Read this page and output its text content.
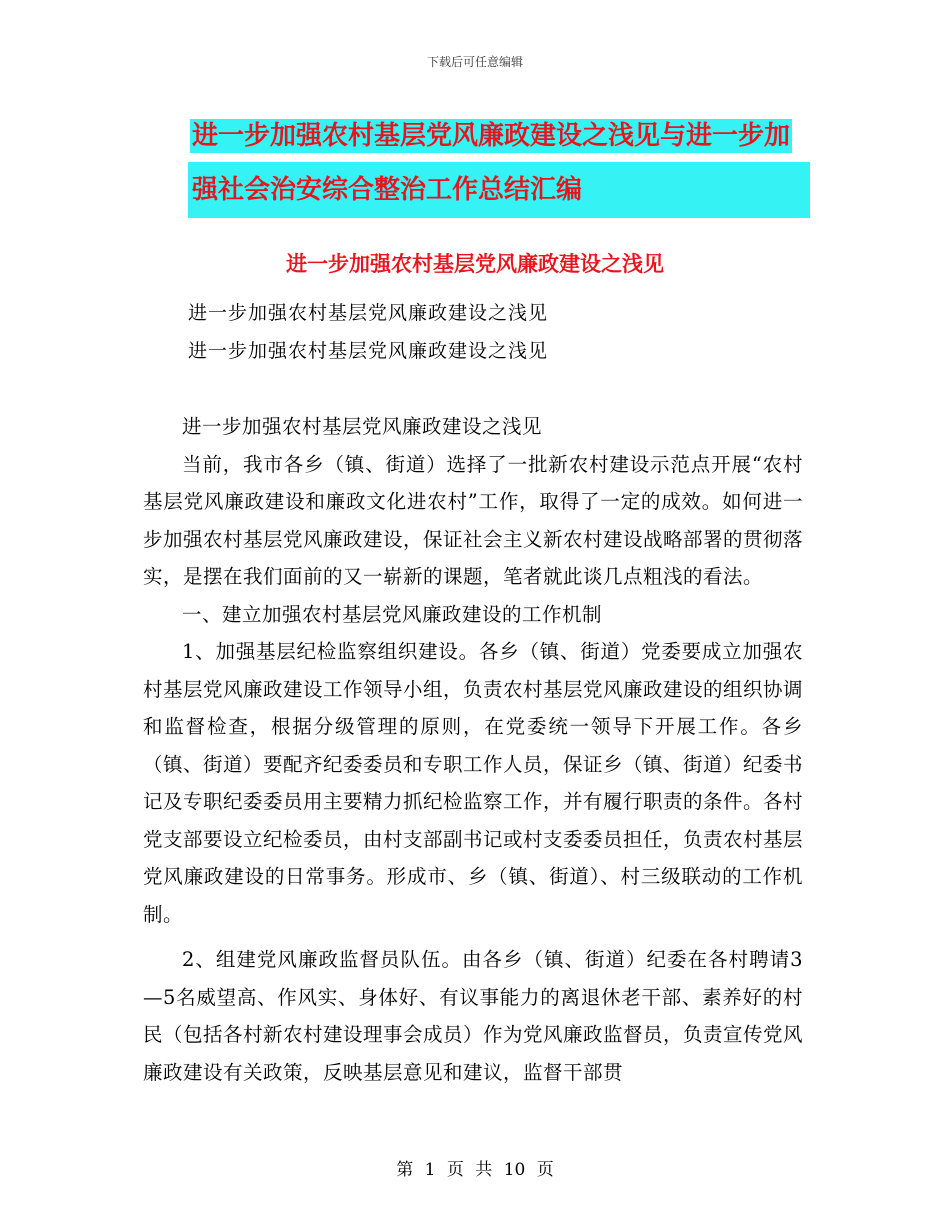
下载后可任意编辑
进一步加强农村基层党风廉政建设之浅见与进一步加
强社会治安综合整治工作总结汇编
进一步加强农村基层党风廉政建设之浅见
进一步加强农村基层党风廉政建设之浅见
进一步加强农村基层党风廉政建设之浅见

进一步加强农村基层党风廉政建设之浅见

当前，我市各乡（镇、街道）选择了一批新农村建设示范点开展“农村基层党风廉政建设和廉政文化进农村”工作，取得了一定的成效。如何进一步加强农村基层党风廉政建设，保证社会主义新农村建设战略部署的贯彻落实，是摆在我们面前的又一崭新的课题，笔者就此谈几点粗浅的看法。

一、建立加强农村基层党风廉政建设的工作机制

1、加强基层纪检监察组织建设。各乡（镇、街道）党委要成立加强农村基层党风廉政建设工作领导小组，负责农村基层党风廉政建设的组织协调和监督检查，根据分级管理的原则，在党委统一领导下开展工作。各乡（镇、街道）要配齐纪委委员和专职工作人员，保证乡（镇、街道）纪委书记及专职纪委委员用主要精力抓纪检监察工作，并有履行职责的条件。各村党支部要设立纪检委员，由村支部副书记或村支委委员担任，负责农村基层党风廉政建设的日常事务。形成市、乡（镇、街道）、村三级联动的工作机制。

2、组建党风廉政监督员队伍。由各乡（镇、街道）纪委在各村聘请3—5名威望高、作风实、身体好、有议事能力的离退休老干部、素养好的村民（包括各村新农村建设理事会成员）作为党风廉政监督员，负责宣传党风廉政建设有关政策，反映基层意见和建议，监督干部贯

第 1 页 共 10 页
